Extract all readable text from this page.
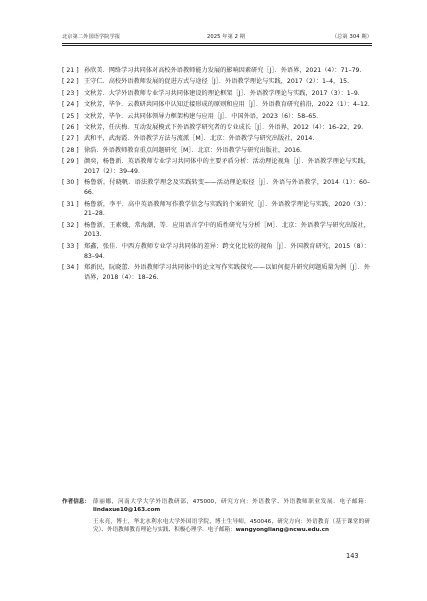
北京第二外国语学院学报	2025 年第 2 期	（总第 304 期）
[ 21 ] 孙欣美．网络学习共同体对高校外语教师能力发展的影响因素研究［J］．外语界，2021（4）：71–79.
[ 22 ] 王守仁．高校外语教师发展的促进方式与途径［J］．外语教学理论与实践，2017（2）：1–4，15.
[ 23 ] 文秋芳．大学外语教师专业学习共同体建设的理论框架［J］．外语教学理论与实践，2017（3）：1–9.
[ 24 ] 文秋芳，毕争．云教研共同体中认知迁接形成的原则和应用［J］．外语教育研究前沿，2022（1）：4–12.
[ 25 ] 文秋芳，毕争．云共同体领导力框架构建与应用［J］．中国外语，2023（6）：58–65.
[ 26 ] 文秋芳，任庆梅．互动发展模式下外语教学研究者的专业成长［J］．外语界，2012（4）：16–22，29.
[ 27 ] 武和平，武海霞．外语教学方法与流派［M］．北京：外语教学与研究出版社，2014.
[ 28 ] 徐浩．外语教师教育重点问题研究［M］．北京：外语教学与研究出版社，2016.
[ 29 ] 颜奕，杨鲁新．英语教师专业学习共同体中的主要矛盾分析：活动理论视角［J］．外语教学理论与实践，2017（2）：39–49.
[ 30 ] 杨鲁新，付晓帆．语法教学理念及实践转变——活动理论取径［J］．外语与外语教学，2014（1）：60–66.
[ 31 ] 杨鲁新，李平．高中英语教师写作教学信念与实践的个案研究［J］．外语教学理论与实践，2020（3）：21–28.
[ 32 ] 杨鲁新，王素娥，常海潮，等．应用语言学中的质性研究与分析［M］．北京：外语教学与研究出版社，2013.
[ 33 ] 郑鑫，张佳．中西方教师专业学习共同体的差异：跨文化比较的视角［J］．外国教育研究，2015（8）：83–94.
[ 34 ] 郑新民，阮晓蕾．外语教师学习共同体中的论文写作实践探究——以如何提升研究问题质量为例［J］．外语界，2018（4）：18–26.
作者信息： 薛丽娜，河南大学大学外语教研部，475000，研究方向：外语教学、外语教师职业发展．电子邮箱：lindaxue10@163.com
王永亮，博士，华北水利水电大学外国语学院，博士生导师，450046，研究方向：外语教育（基于课堂的研究）、外语教师教育理论与实践、积极心理学．电子邮箱：wangyongliang@ncwu.edu.cn
143
